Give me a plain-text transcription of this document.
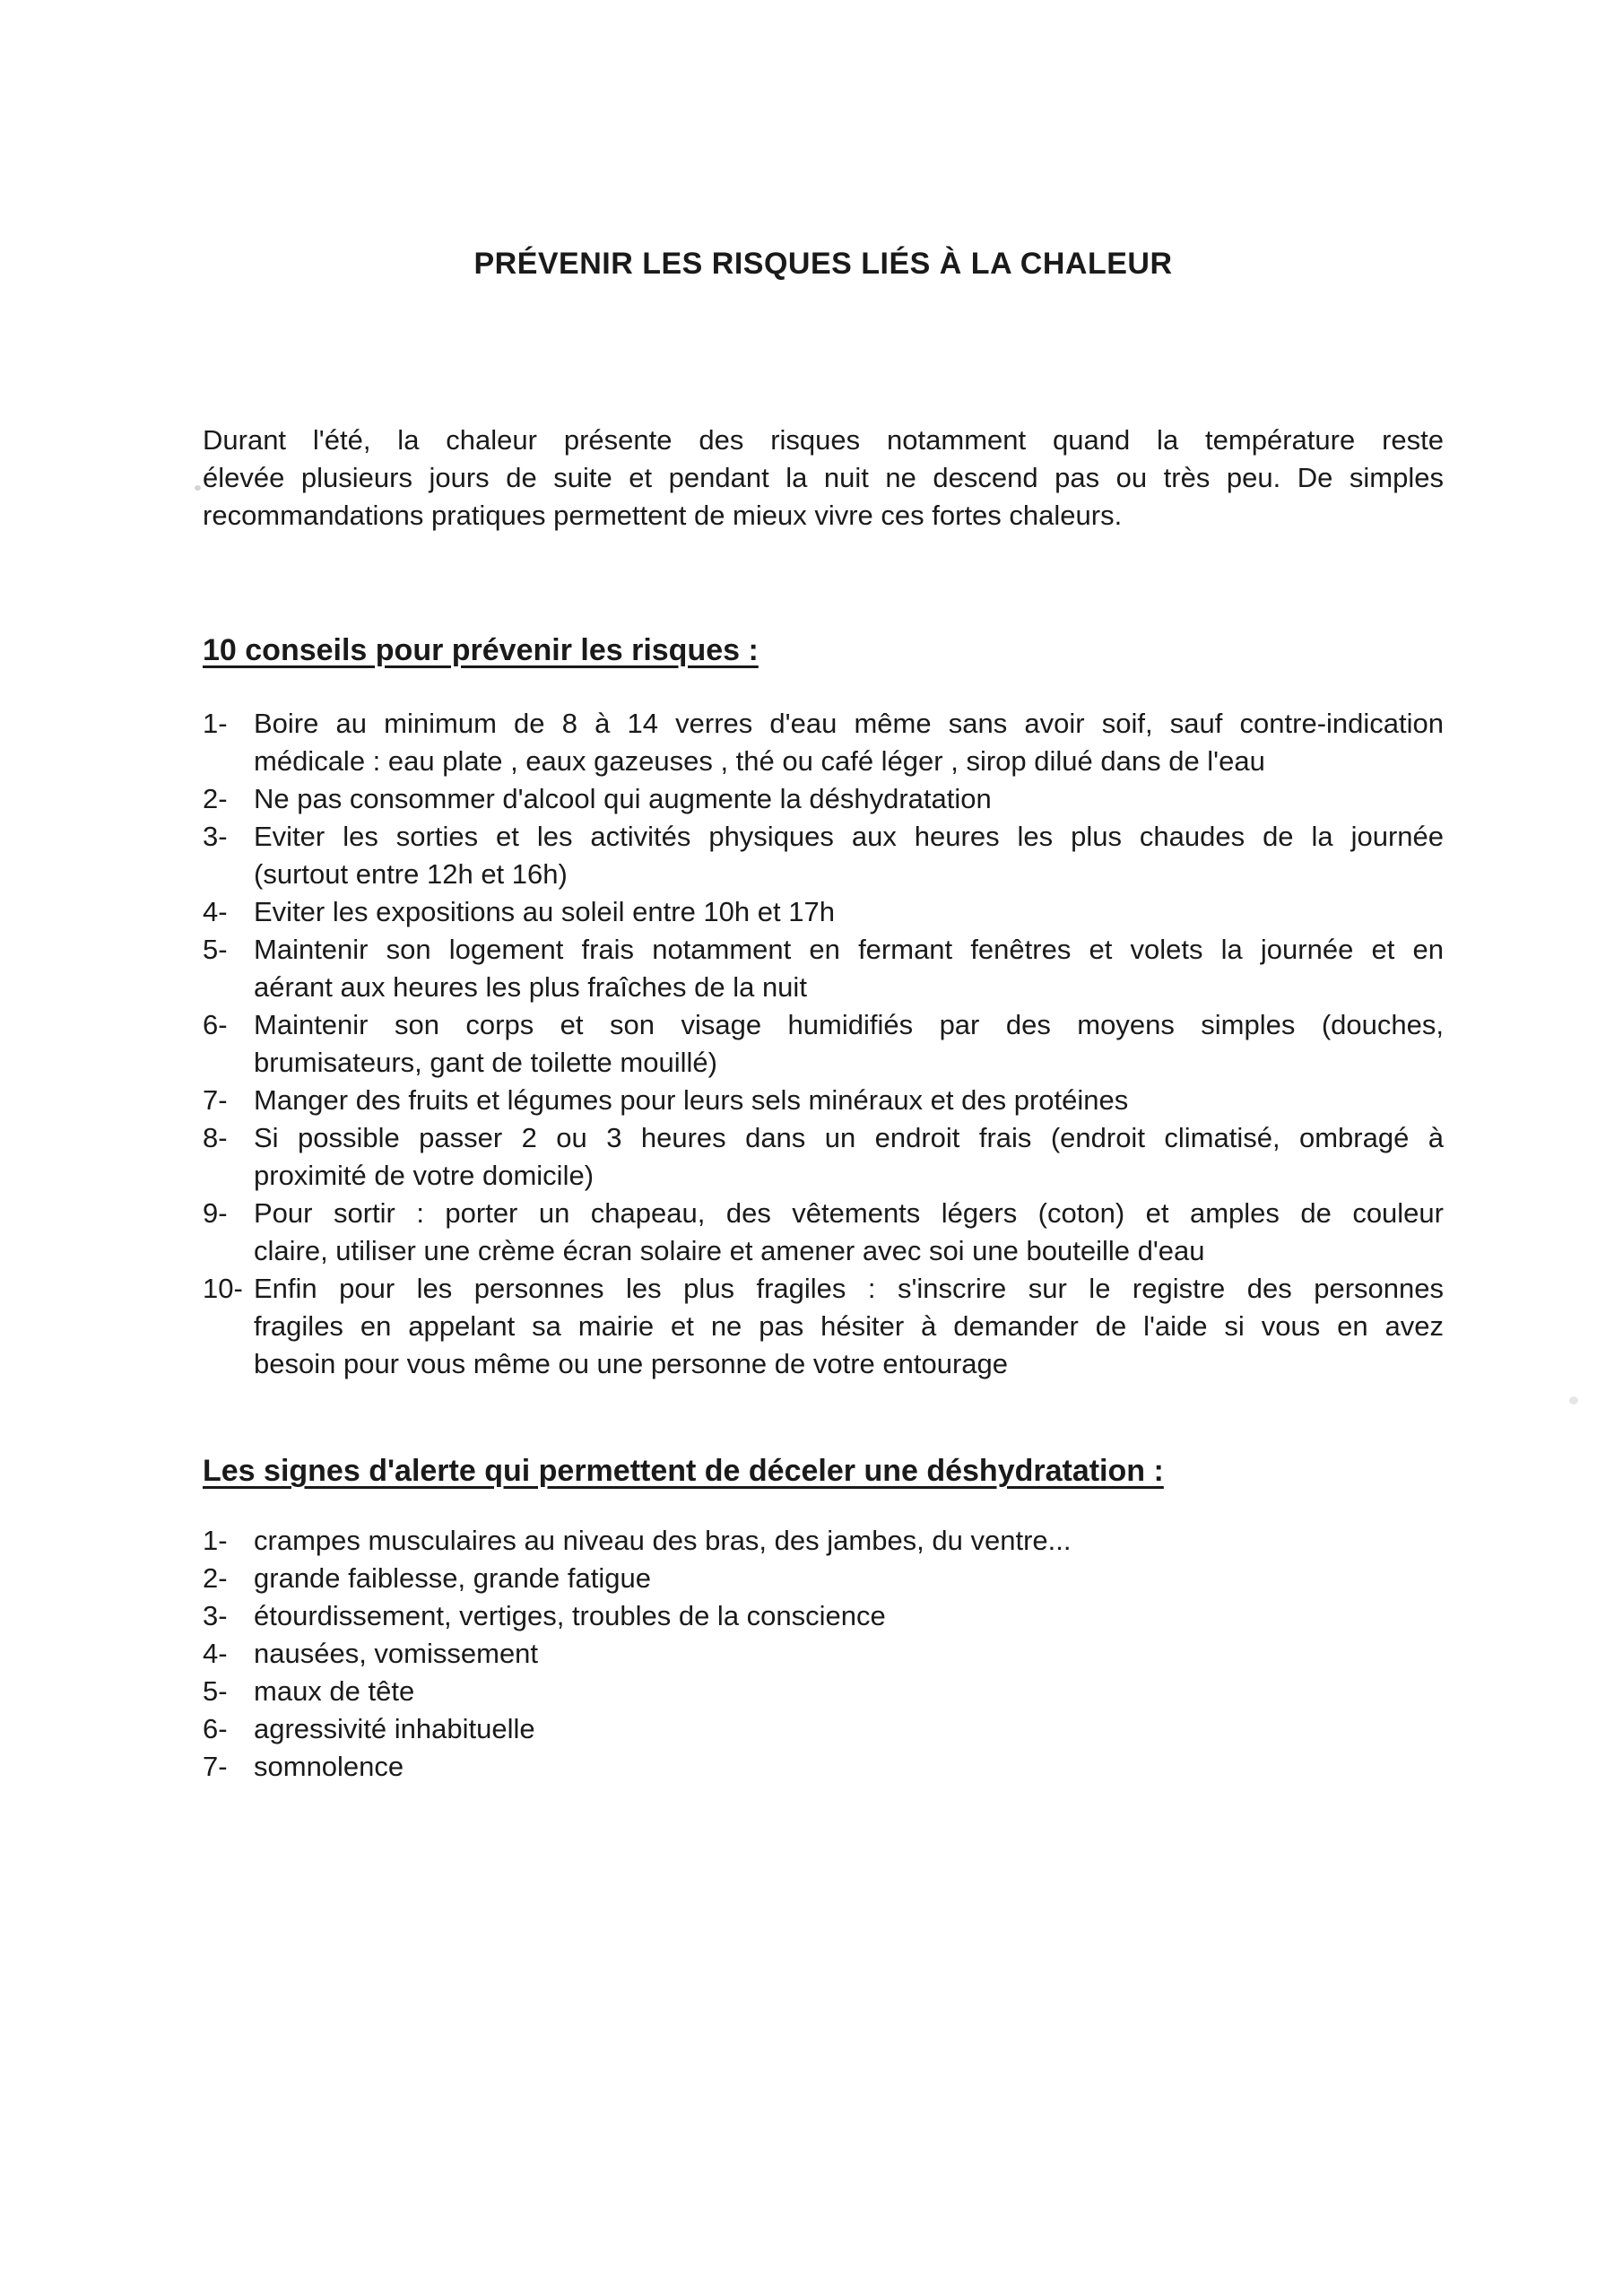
PRÉVENIR LES RISQUES LIÉS À LA CHALEUR
Durant l'été, la chaleur présente des risques notamment quand la température reste
élevée plusieurs jours de suite et pendant la nuit ne descend pas ou très peu. De simples
recommandations pratiques permettent de mieux vivre ces fortes chaleurs.
10 conseils pour prévenir les risques :
1- Boire au minimum de 8 à 14 verres d'eau même sans avoir soif, sauf contre-indication
médicale : eau plate , eaux gazeuses , thé ou café léger , sirop dilué dans de l'eau
2- Ne pas consommer d'alcool qui augmente la déshydratation
3- Eviter les sorties et les activités physiques aux heures les plus chaudes de la journée
(surtout entre 12h et 16h)
4- Eviter les expositions au soleil entre 10h et 17h
5- Maintenir son logement frais notamment en fermant fenêtres et volets la journée et en
aérant aux heures les plus fraîches de la nuit
6- Maintenir son corps et son visage humidifiés par des moyens simples (douches,
brumisateurs, gant de toilette mouillé)
7- Manger des fruits et légumes pour leurs sels minéraux et des protéines
8- Si possible passer 2 ou 3 heures dans un endroit frais (endroit climatisé, ombragé à
proximité de votre domicile)
9- Pour sortir : porter un chapeau, des vêtements légers (coton) et amples de couleur
claire, utiliser une crème écran solaire et amener avec soi une bouteille d'eau
10- Enfin pour les personnes les plus fragiles : s'inscrire sur le registre des personnes
fragiles en appelant sa mairie et ne pas hésiter à demander de l'aide si vous en avez
besoin pour vous même ou une personne de votre entourage
Les signes d'alerte qui permettent de déceler une déshydratation :
1- crampes musculaires au niveau des bras, des jambes, du ventre...
2- grande faiblesse, grande fatigue
3- étourdissement, vertiges, troubles de la conscience
4- nausées, vomissement
5- maux de tête
6- agressivité inhabituelle
7- somnolence
